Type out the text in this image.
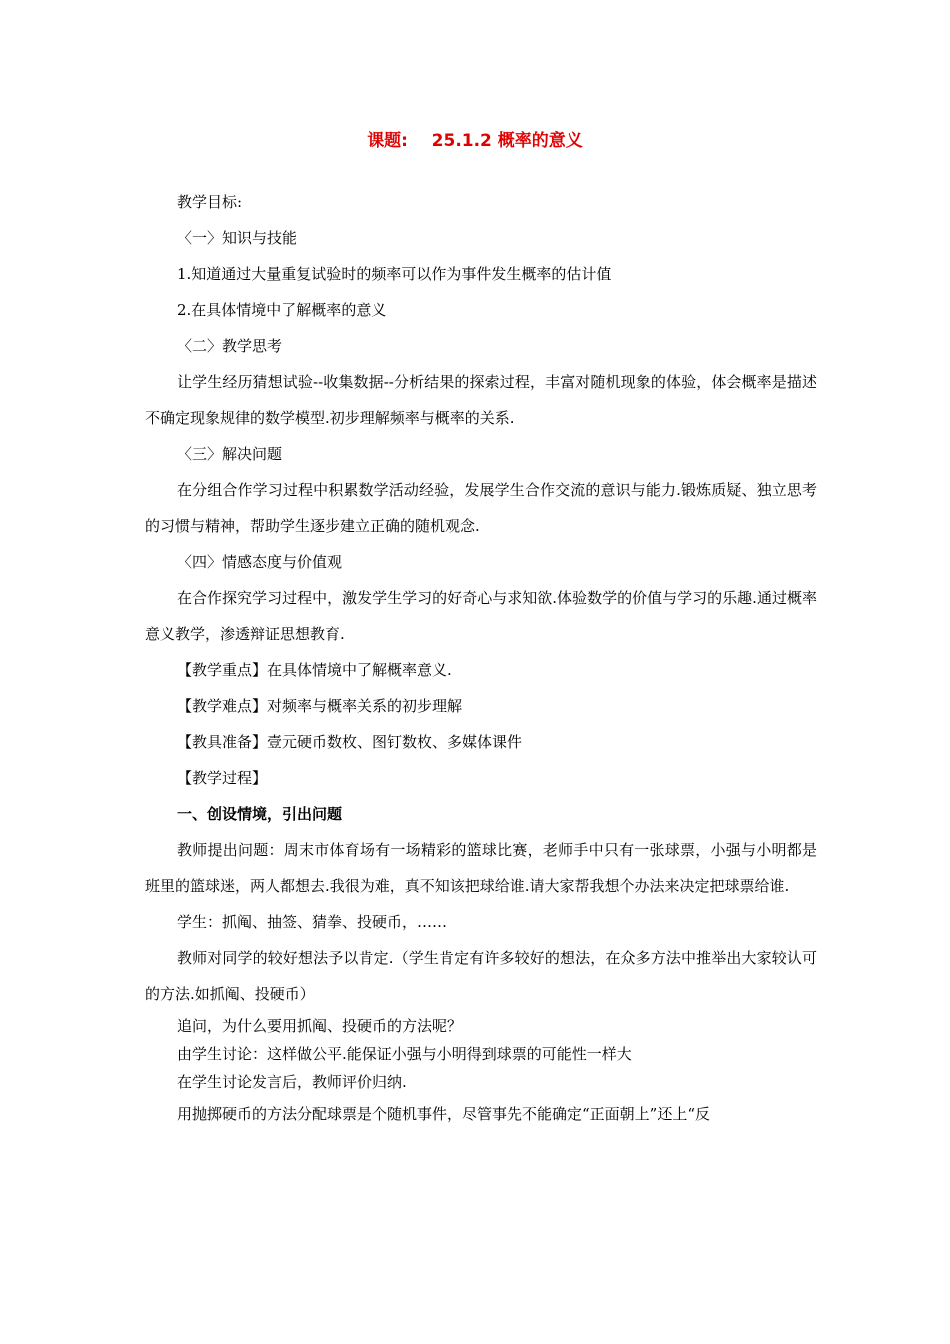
课题:    25.1.2 概率的意义

教学目标:

〈一〉知识与技能

1.知道通过大量重复试验时的频率可以作为事件发生概率的估计值

2.在具体情境中了解概率的意义

〈二〉教学思考

让学生经历猜想试验--收集数据--分析结果的探索过程，丰富对随机现象的体验，体会概率是描述不确定现象规律的数学模型.初步理解频率与概率的关系.

〈三〉解决问题

在分组合作学习过程中积累数学活动经验，发展学生合作交流的意识与能力.锻炼质疑、独立思考的习惯与精神，帮助学生逐步建立正确的随机观念.

〈四〉情感态度与价值观

在合作探究学习过程中，激发学生学习的好奇心与求知欲.体验数学的价值与学习的乐趣.通过概率意义教学，渗透辩证思想教育.

【教学重点】在具体情境中了解概率意义.

【教学难点】对频率与概率关系的初步理解

【教具准备】壹元硬币数枚、图钉数枚、多媒体课件

【教学过程】

一、创设情境，引出问题

教师提出问题：周末市体育场有一场精彩的篮球比赛，老师手中只有一张球票，小强与小明都是班里的篮球迷，两人都想去.我很为难，真不知该把球给谁.请大家帮我想个办法来决定把球票给谁.

学生：抓阄、抽签、猜拳、投硬币，……

教师对同学的较好想法予以肯定.（学生肯定有许多较好的想法，在众多方法中推举出大家较认可的方法.如抓阄、投硬币）

追问，为什么要用抓阄、投硬币的方法呢？

由学生讨论：这样做公平.能保证小强与小明得到球票的可能性一样大

在学生讨论发言后，教师评价归纳.

用抛掷硬币的方法分配球票是个随机事件，尽管事先不能确定“正面朝上”还上“反
